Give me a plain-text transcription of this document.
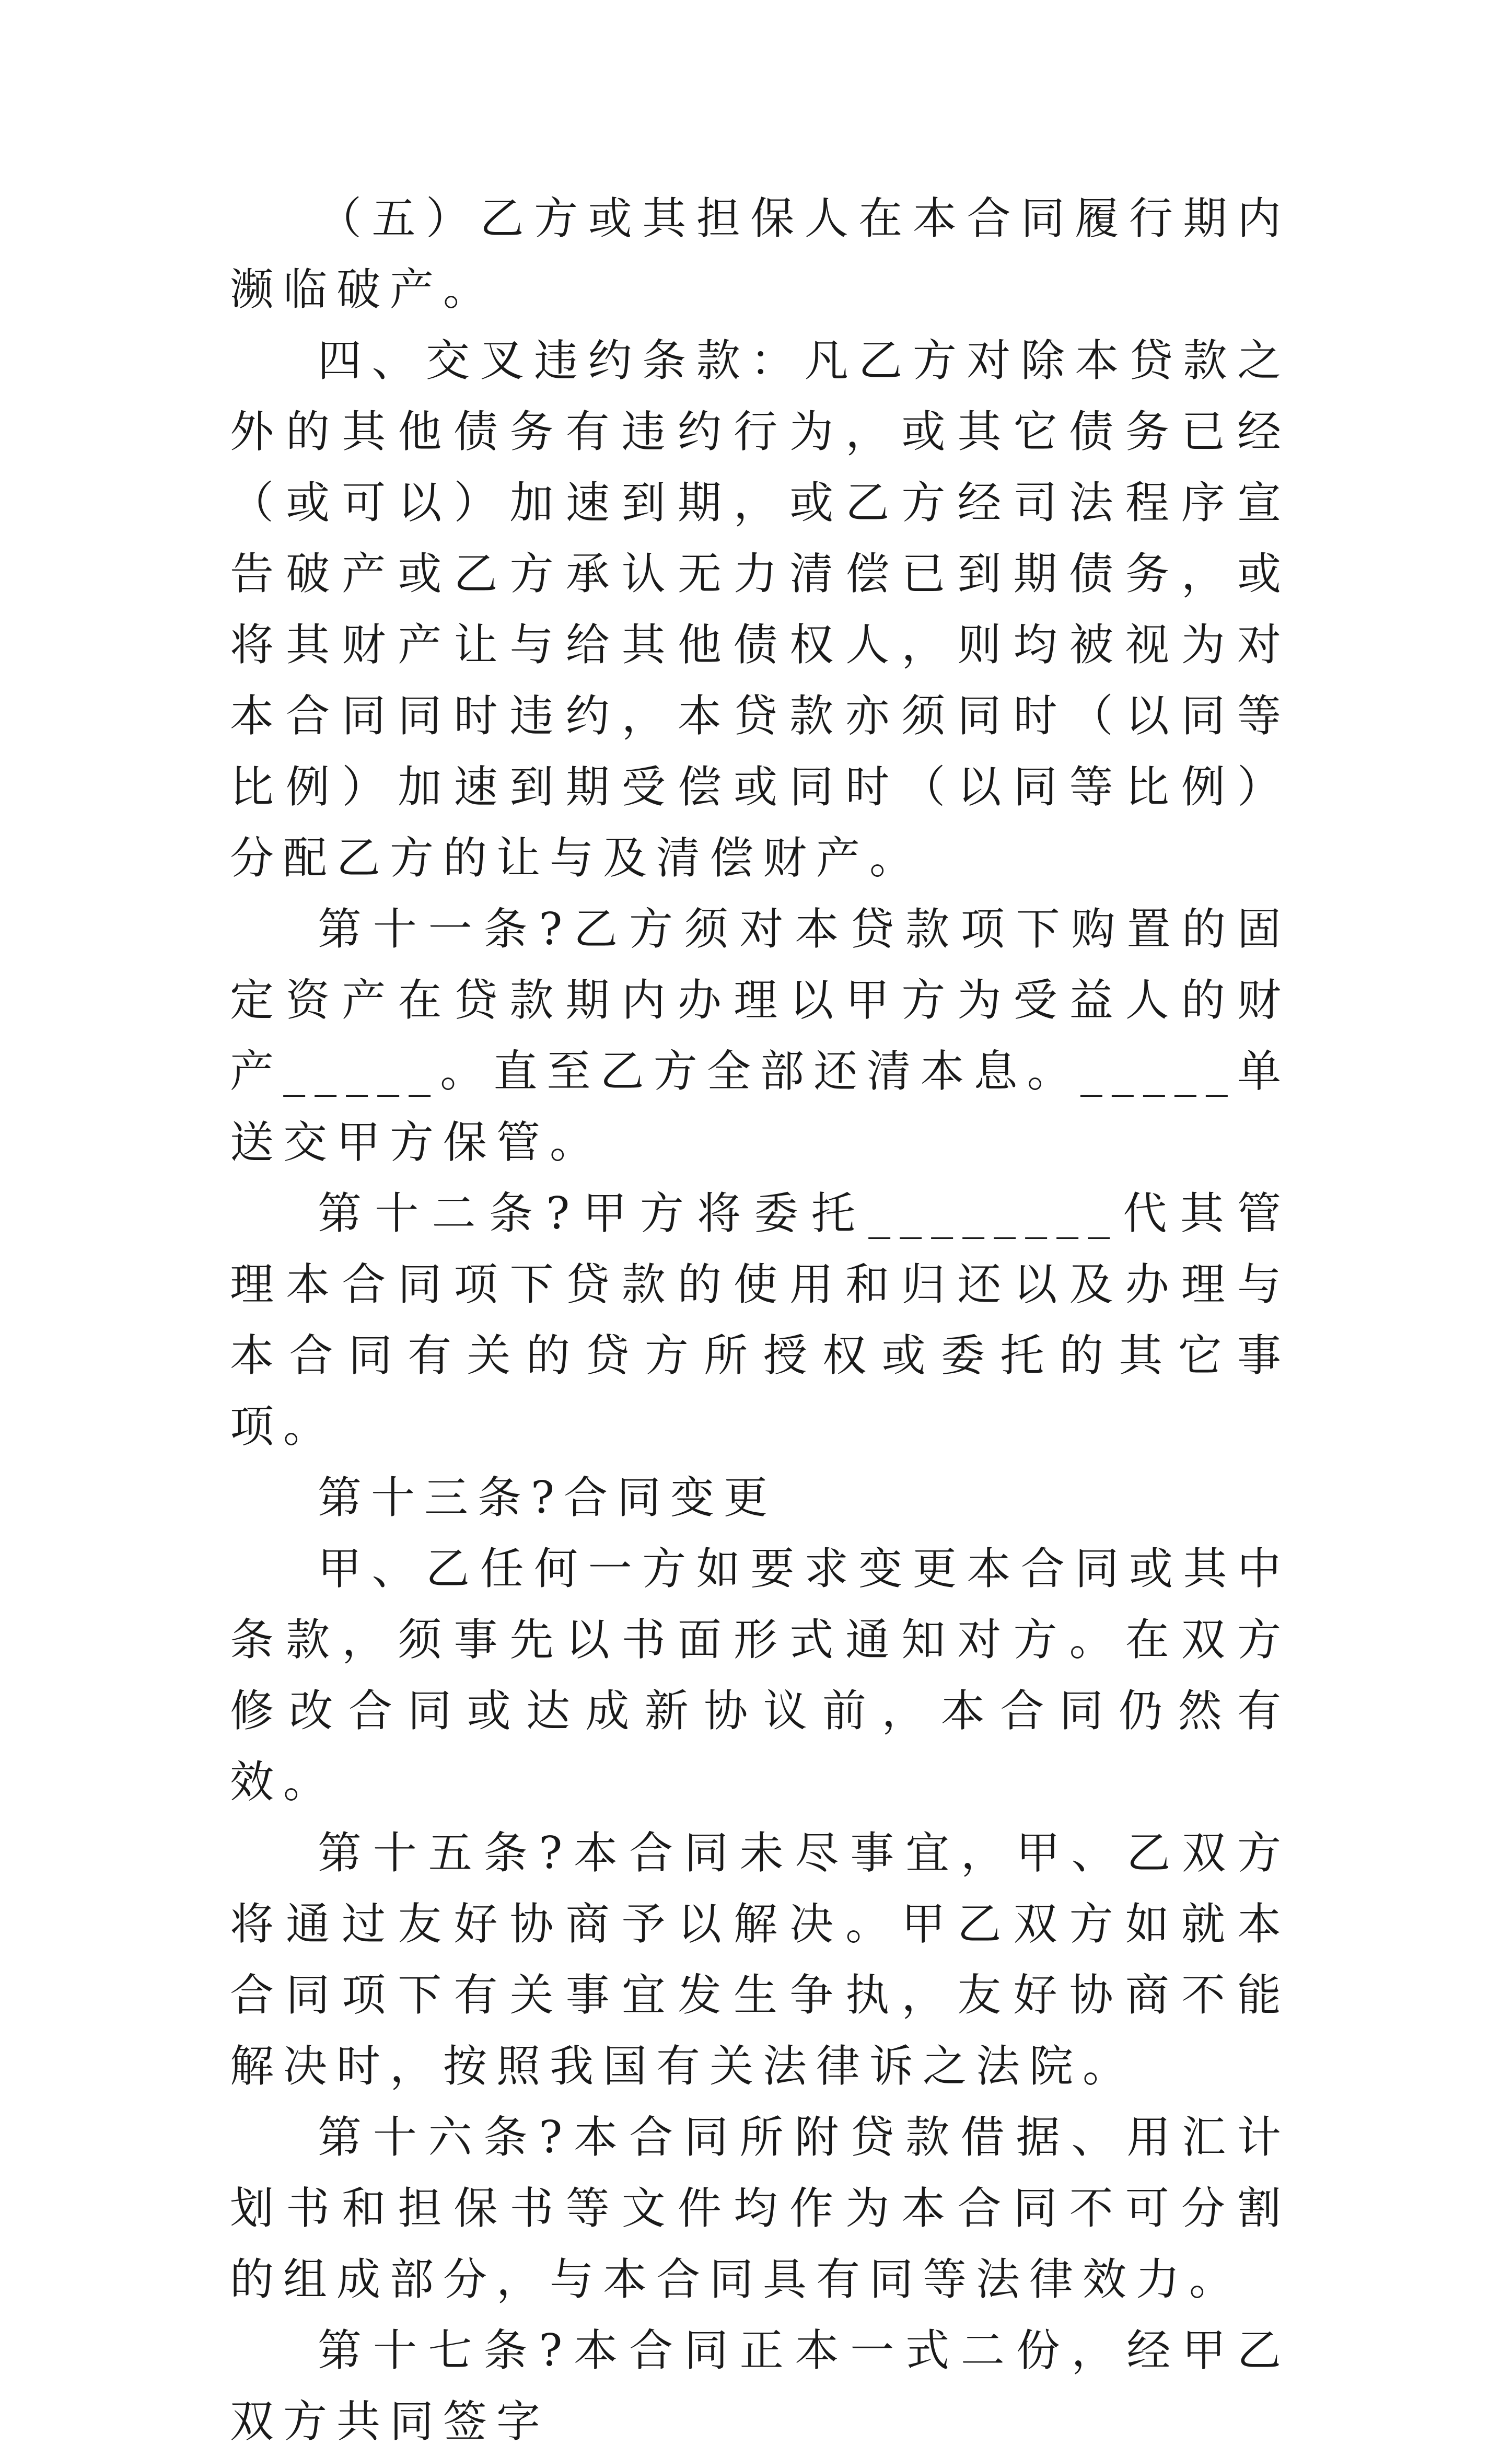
（五）乙方或其担保人在本合同履行期内濒临破产。

四、交叉违约条款：凡乙方对除本贷款之外的其他债务有违约行为，或其它债务已经（或可以）加速到期，或乙方经司法程序宣告破产或乙方承认无力清偿已到期债务，或将其财产让与给其他债权人，则均被视为对本合同同时违约，本贷款亦须同时（以同等比例）加速到期受偿或同时（以同等比例）分配乙方的让与及清偿财产。

第十一条?乙方须对本贷款项下购置的固定资产在贷款期内办理以甲方为受益人的财产_____。直至乙方全部还清本息。_____单送交甲方保管。

第十二条?甲方将委托________代其管理本合同项下贷款的使用和归还以及办理与本合同有关的贷方所授权或委托的其它事项。

第十三条?合同变更

甲、乙任何一方如要求变更本合同或其中条款，须事先以书面形式通知对方。在双方修改合同或达成新协议前，本合同仍然有效。

第十五条?本合同未尽事宜，甲、乙双方将通过友好协商予以解决。甲乙双方如就本合同项下有关事宜发生争执，友好协商不能解决时，按照我国有关法律诉之法院。

第十六条?本合同所附贷款借据、用汇计划书和担保书等文件均作为本合同不可分割的组成部分，与本合同具有同等法律效力。

第十七条?本合同正本一式二份，经甲乙双方共同签字
